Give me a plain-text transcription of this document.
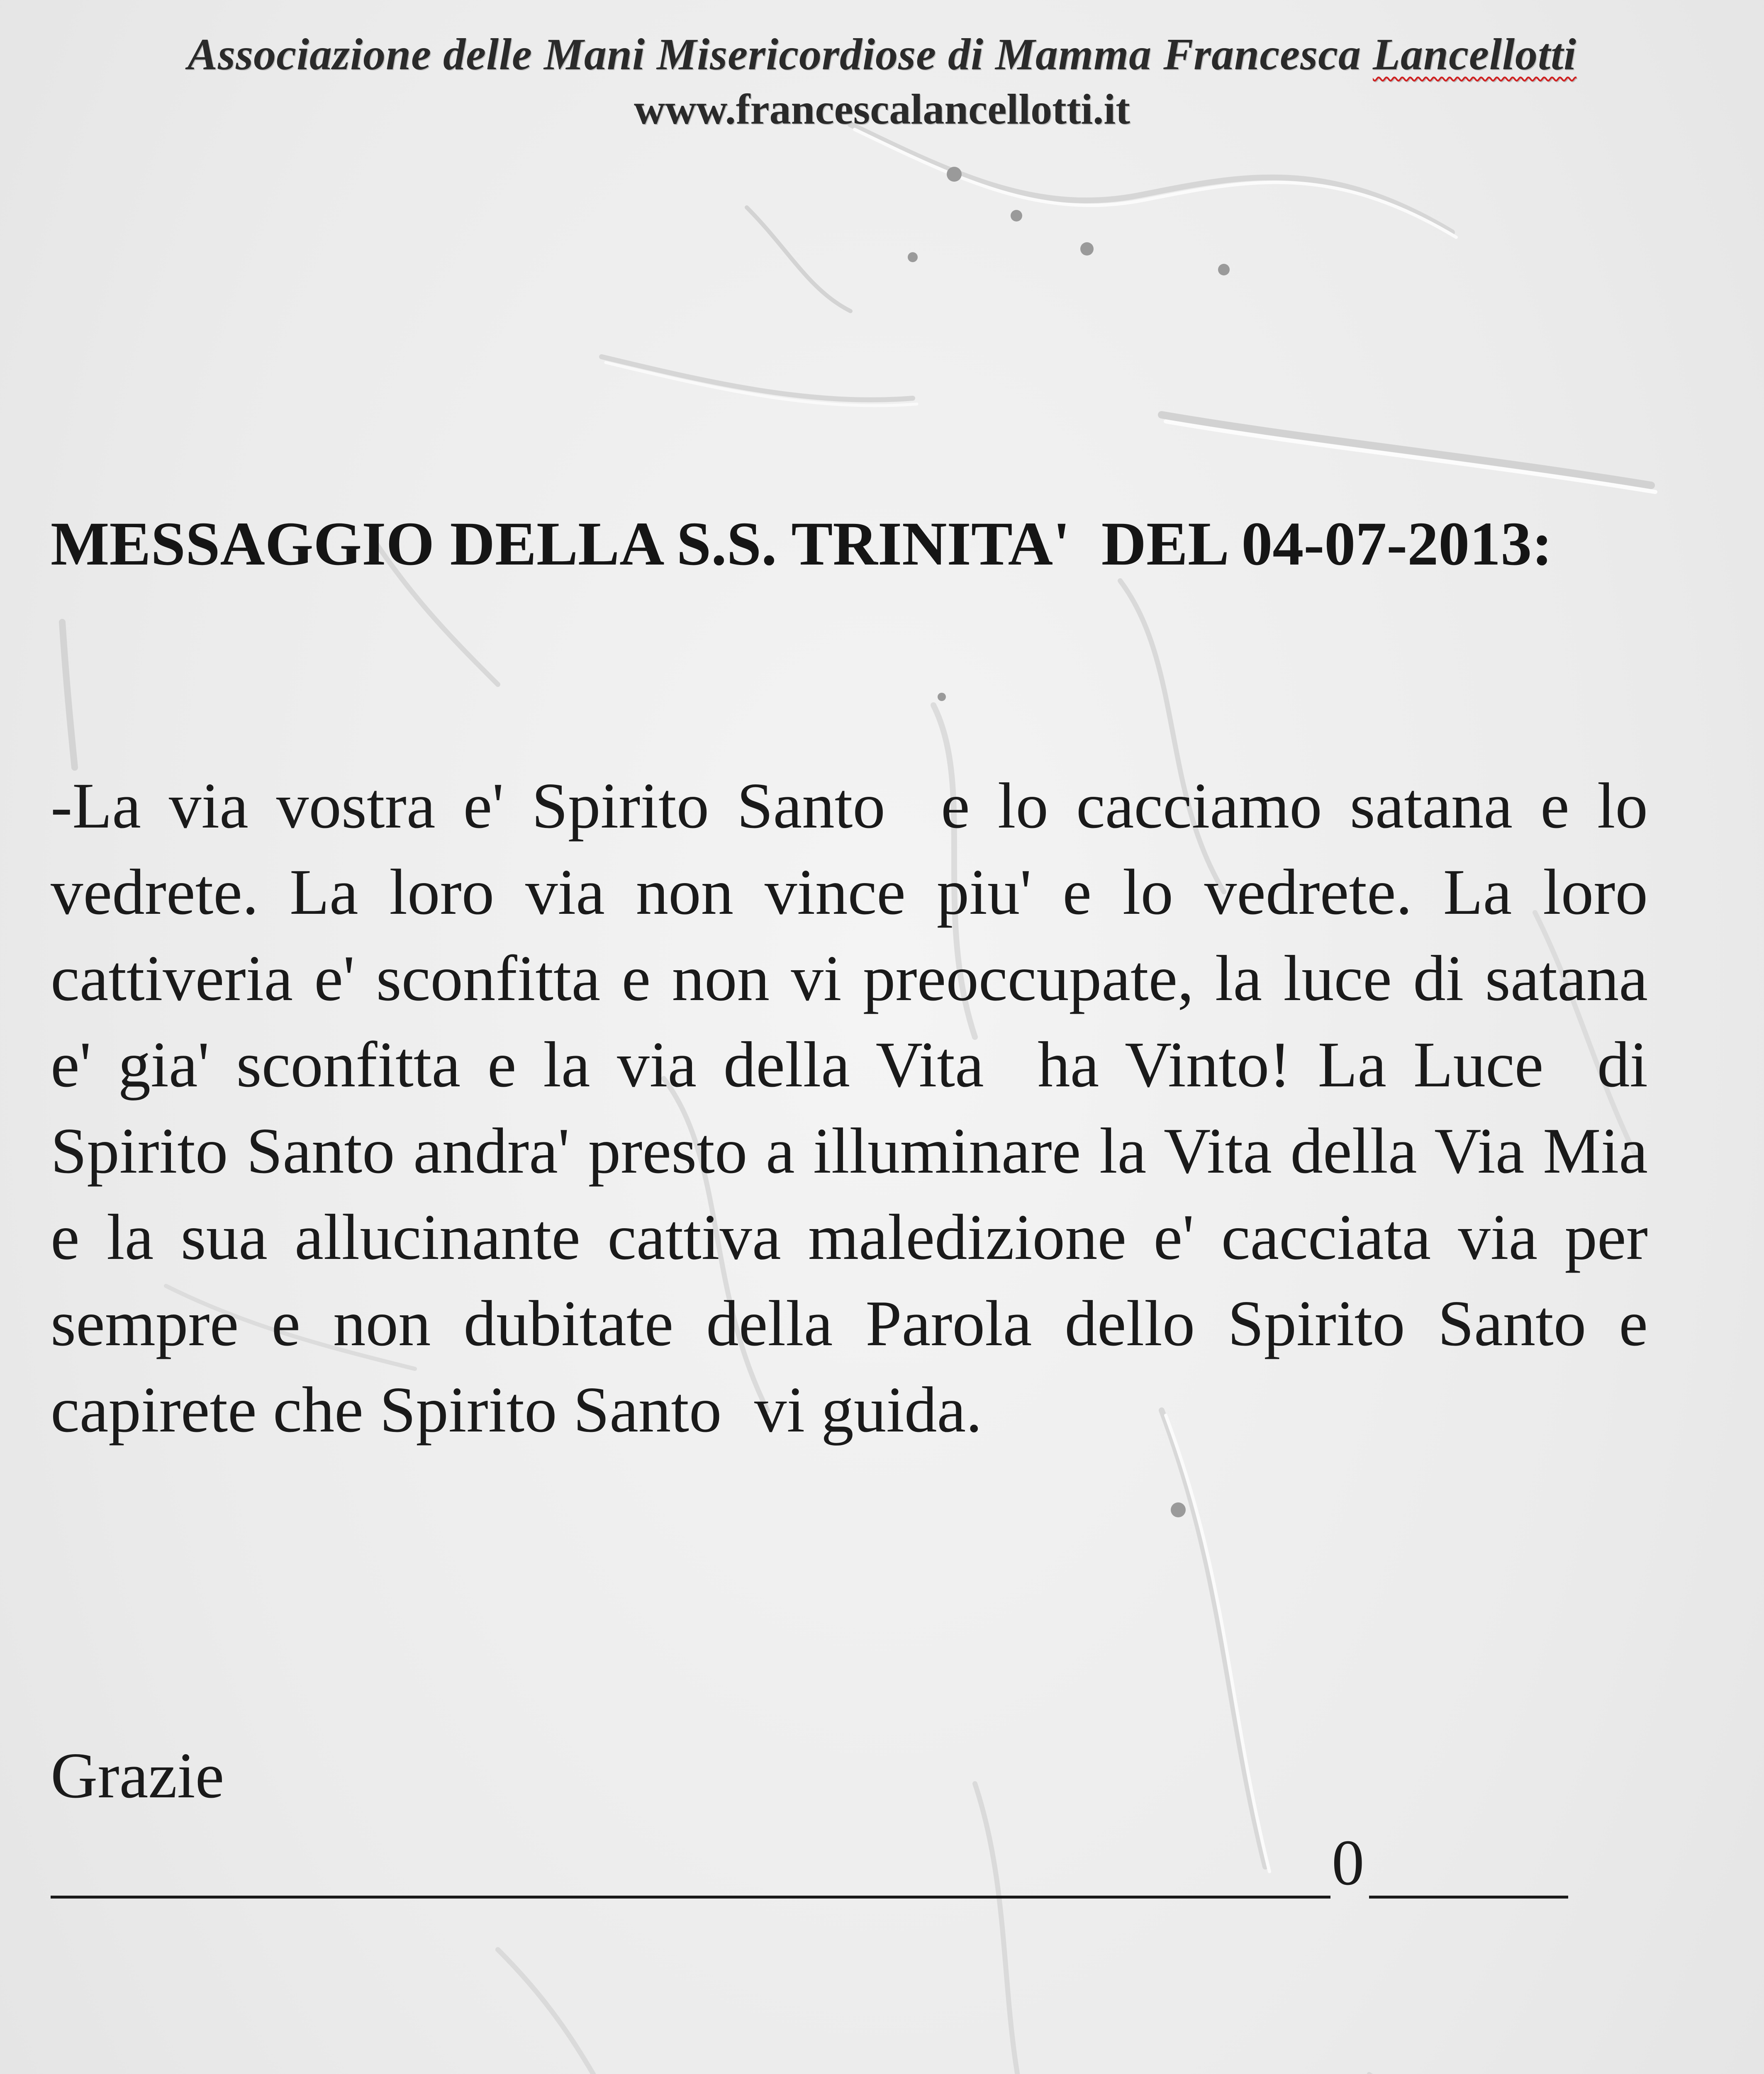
Associazione delle Mani Misericordiose di Mamma Francesca Lancellotti
www.francescalancellotti.it
MESSAGGIO DELLA S.S. TRINITA'  DEL 04-07-2013:

-La via vostra e' Spirito Santo  e lo cacciamo satana e lo vedrete. La loro via non vince piu' e lo vedrete. La loro cattiveria e' sconfitta e non vi preoccupate, la luce di satana e' gia' sconfitta e la via della Vita  ha Vinto! La Luce  di Spirito Santo andra' presto a illuminare la Vita della Via Mia e la sua allucinante cattiva maledizione e' cacciata via per sempre e non dubitate della Parola dello Spirito Santo e capirete che Spirito Santo  vi guida.

Grazie
0
